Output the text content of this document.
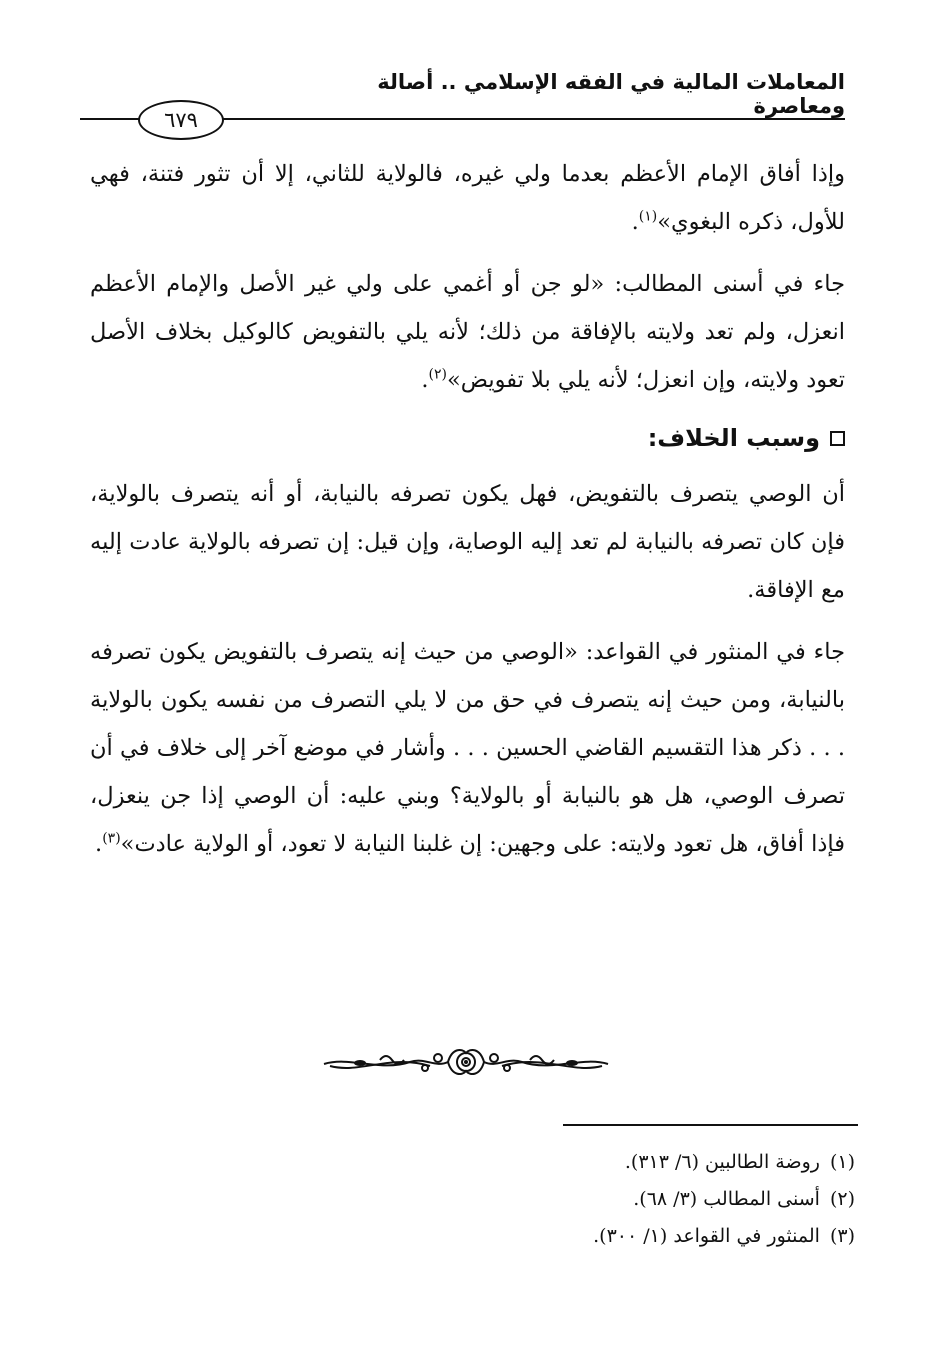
المعاملات المالية في الفقه الإسلامي .. أصالة ومعاصرة
٦٧٩

وإذا أفاق الإمام الأعظم بعدما ولي غيره، فالولاية للثاني، إلا أن تثور فتنة، فهي للأول، ذكره البغوي»$^{(١)}$.

جاء في أسنى المطالب: «لو جن أو أغمي على ولي غير الأصل والإمام الأعظم انعزل، ولم تعد ولايته بالإفاقة من ذلك؛ لأنه يلي بالتفويض كالوكيل بخلاف الأصل تعود ولايته، وإن انعزل؛ لأنه يلي بلا تفويض»$^{(٢)}$.

وسبب الخلاف:

أن الوصي يتصرف بالتفويض، فهل يكون تصرفه بالنيابة، أو أنه يتصرف بالولاية، فإن كان تصرفه بالنيابة لم تعد إليه الوصاية، وإن قيل: إن تصرفه بالولاية عادت إليه مع الإفاقة.

جاء في المنثور في القواعد: «الوصي من حيث إنه يتصرف بالتفويض يكون تصرفه بالنيابة، ومن حيث إنه يتصرف في حق من لا يلي التصرف من نفسه يكون بالولاية . . . ذكر هذا التقسيم القاضي الحسين . . . وأشار في موضع آخر إلى خلاف في أن تصرف الوصي، هل هو بالنيابة أو بالولاية؟ وبني عليه: أن الوصي إذا جن ينعزل، فإذا أفاق، هل تعود ولايته: على وجهين: إن غلبنا النيابة لا تعود، أو الولاية عادت»$^{(٣)}$.

(١)روضة الطالبين (٦/ ٣١٣).

(٢)أسنى المطالب (٣/ ٦٨).

(٣)المنثور في القواعد (١/ ٣٠٠).
